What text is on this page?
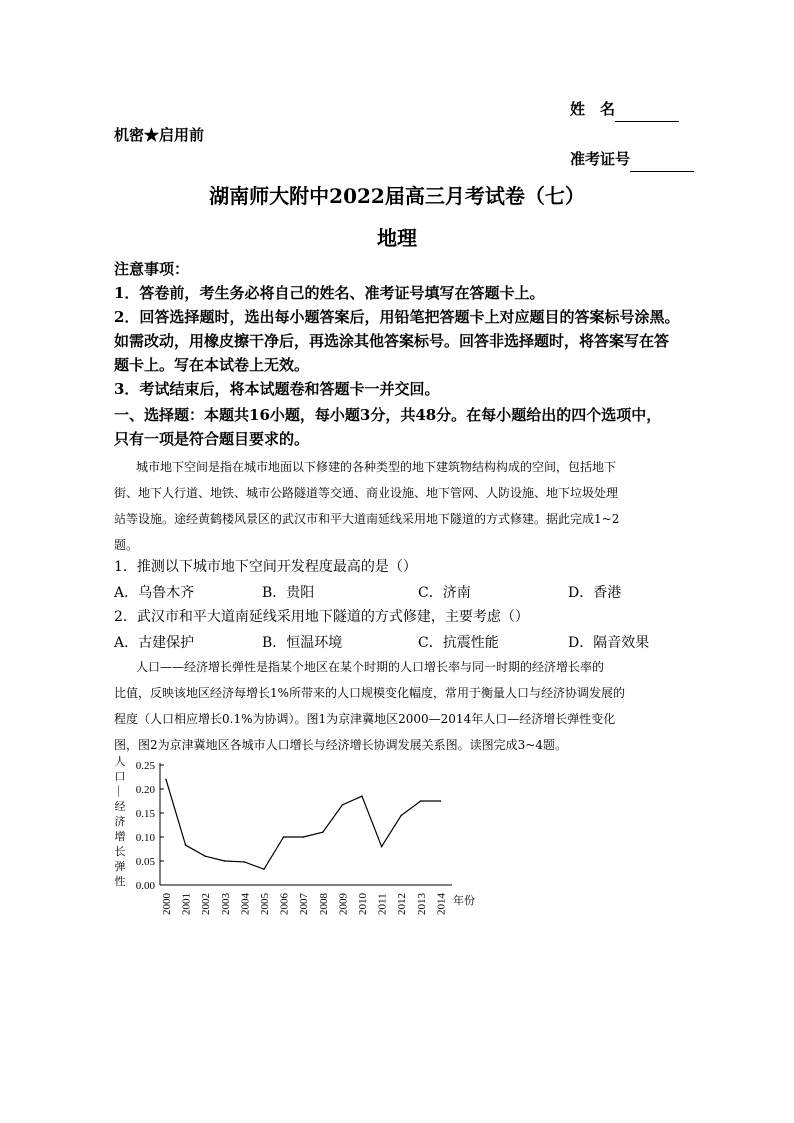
姓　名
机密★启用前
准考证号
湖南师大附中2022届高三月考试卷（七）
地理
注意事项：
1．答卷前，考生务必将自己的姓名、准考证号填写在答题卡上。
2．回答选择题时，选出每小题答案后，用铅笔把答题卡上对应题目的答案标号涂黑。
如需改动，用橡皮擦干净后，再选涂其他答案标号。回答非选择题时，将答案写在答
题卡上。写在本试卷上无效。
3．考试结束后，将本试题卷和答题卡一并交回。
一、选择题：本题共16小题，每小题3分，共48分。在每小题给出的四个选项中，
只有一项是符合题目要求的。
城市地下空间是指在城市地面以下修建的各种类型的地下建筑物结构构成的空间，包括地下
街、地下人行道、地铁、城市公路隧道等交通、商业设施、地下管网、人防设施、地下垃圾处理
站等设施。途经黄鹤楼风景区的武汉市和平大道南延线采用地下隧道的方式修建。据此完成1~2
题。
1．推测以下城市地下空间开发程度最高的是（）
A．乌鲁木齐	B．贵阳	C．济南	D．香港
2．武汉市和平大道南延线采用地下隧道的方式修建，主要考虑（）
A．古建保护	B．恒温环境	C．抗震性能	D．隔音效果
人口——经济增长弹性是指某个地区在某个时期的人口增长率与同一时期的经济增长率的
比值，反映该地区经济每增长1%所带来的人口规模变化幅度，常用于衡量人口与经济协调发展的
程度（人口相应增长0.1%为协调）。图1为京津冀地区2000—2014年人口—经济增长弹性变化
图，图2为京津冀地区各城市人口增长与经济增长协调发展关系图。读图完成3~4题。
人
口
—
经
济
增
长
弹
性 0.00
0.05
0.10
0.15
0.20
0.25
2000 2001 2002 2003 2004 2005 2006 2007 2008 2009 2010 2011 2012 2013 2014 年份
